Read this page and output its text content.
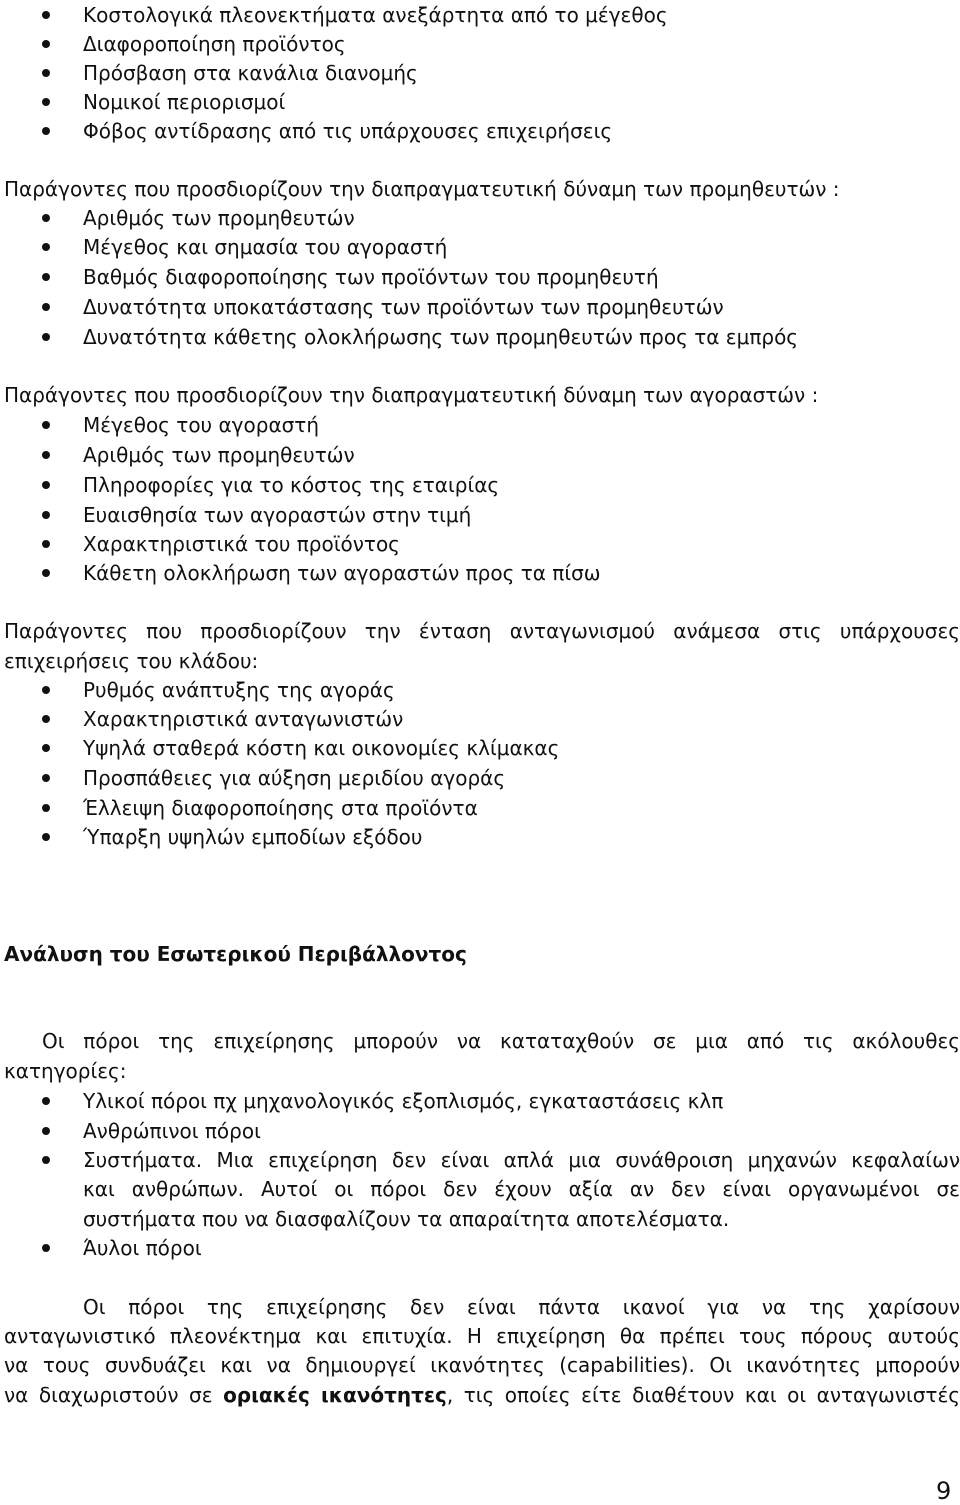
Κοστολογικά πλεονεκτήματα ανεξάρτητα από το μέγεθος
Διαφοροποίηση προϊόντος
Πρόσβαση στα κανάλια διανομής
Νομικοί περιορισμοί
Φόβος αντίδρασης από τις υπάρχουσες επιχειρήσεις
Παράγοντες που προσδιορίζουν την διαπραγματευτική δύναμη των προμηθευτών :
Αριθμός των προμηθευτών
Μέγεθος και σημασία του αγοραστή
Βαθμός διαφοροποίησης των προϊόντων του προμηθευτή
Δυνατότητα υποκατάστασης των προϊόντων των προμηθευτών
Δυνατότητα κάθετης ολοκλήρωσης των προμηθευτών προς τα εμπρός
Παράγοντες που προσδιορίζουν την διαπραγματευτική δύναμη των αγοραστών :
Μέγεθος του αγοραστή
Αριθμός των προμηθευτών
Πληροφορίες για το κόστος της εταιρίας
Ευαισθησία των αγοραστών στην τιμή
Χαρακτηριστικά του προϊόντος
Κάθετη ολοκλήρωση των αγοραστών προς τα πίσω
Παράγοντες που προσδιορίζουν την ένταση ανταγωνισμού ανάμεσα στις υπάρχουσες
επιχειρήσεις του κλάδου:
Ρυθμός ανάπτυξης της αγοράς
Χαρακτηριστικά ανταγωνιστών
Υψηλά σταθερά κόστη και οικονομίες κλίμακας
Προσπάθειες για αύξηση μεριδίου αγοράς
Έλλειψη διαφοροποίησης στα προϊόντα
Ύπαρξη υψηλών εμποδίων εξόδου
Ανάλυση του Εσωτερικού Περιβάλλοντος
Οι πόροι της επιχείρησης μπορούν να καταταχθούν σε μια από τις ακόλουθες
κατηγορίες:
Υλικοί πόροι πχ μηχανολογικός εξοπλισμός, εγκαταστάσεις κλπ
Ανθρώπινοι πόροι
Συστήματα. Μια επιχείρηση δεν είναι απλά μια συνάθροιση μηχανών κεφαλαίων
και ανθρώπων. Αυτοί οι πόροι δεν έχουν αξία αν δεν είναι οργανωμένοι σε
συστήματα που να διασφαλίζουν τα απαραίτητα αποτελέσματα.
Άυλοι πόροι
Οι πόροι της επιχείρησης δεν είναι πάντα ικανοί για να της χαρίσουν
ανταγωνιστικό πλεονέκτημα και επιτυχία. Η επιχείρηση θα πρέπει τους πόρους αυτούς
να τους συνδυάζει και να δημιουργεί ικανότητες (capabilities). Οι ικανότητες μπορούν
να διαχωριστούν σε οριακές ικανότητες, τις οποίες είτε διαθέτουν και οι ανταγωνιστές
9
